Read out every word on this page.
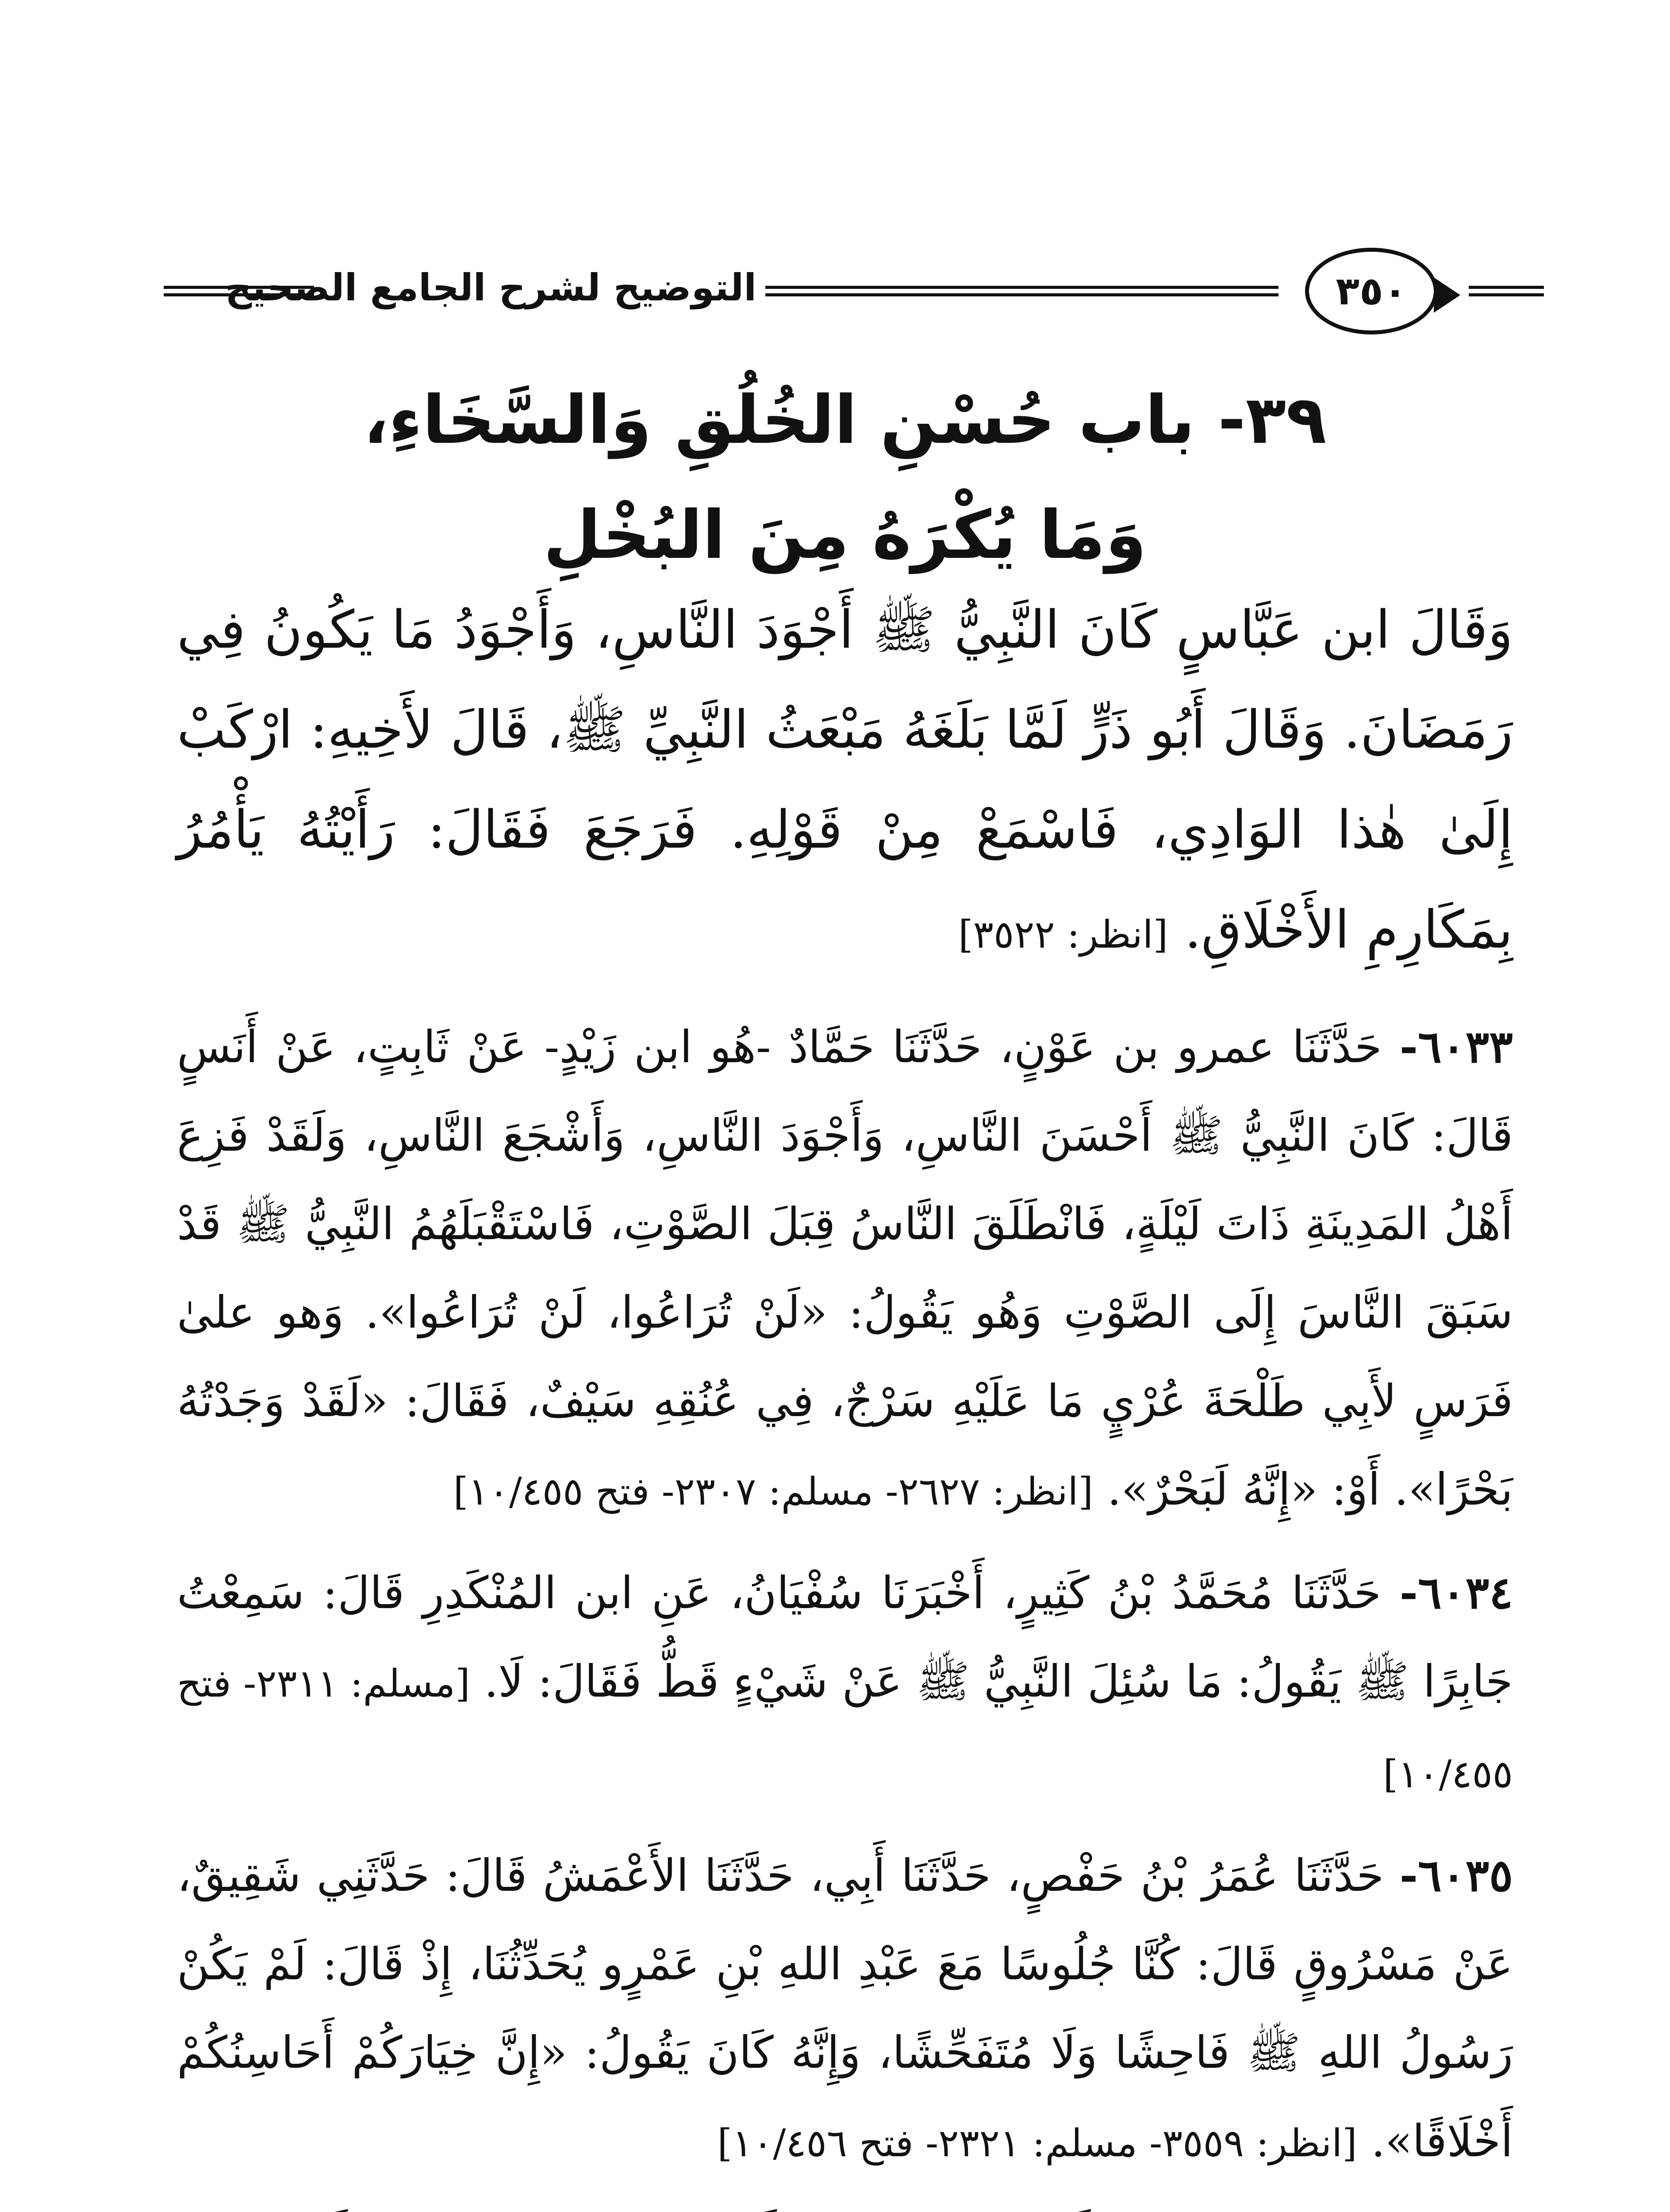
التوضيح لشرح الجامع الصحيح	٣٥٠
٣٩- باب حُسْنِ الخُلُقِ وَالسَّخَاءِ،
وَمَا يُكْرَهُ مِنَ البُخْلِ

وَقَالَ ابن عَبَّاسٍ كَانَ النَّبِيُّ ﷺ أَجْوَدَ النَّاسِ، وَأَجْوَدُ مَا يَكُونُ فِي رَمَضَانَ. وَقَالَ أَبُو ذَرٍّ لَمَّا بَلَغَهُ مَبْعَثُ النَّبِيِّ ﷺ، قَالَ لأَخِيهِ: ارْكَبْ إِلَىٰ هٰذا الوَادِي، فَاسْمَعْ مِنْ قَوْلِهِ. فَرَجَعَ فَقَالَ: رَأَيْتُهُ يَأْمُرُ بِمَكَارِمِ الأَخْلَاقِ. [انظر: ٣٥٢٢]

٦٠٣٣- حَدَّثَنَا عمرو بن عَوْنٍ، حَدَّثَنَا حَمَّادٌ -هُو ابن زَيْدٍ- عَنْ ثَابِتٍ، عَنْ أَنَسٍ قَالَ: كَانَ النَّبِيُّ ﷺ أَحْسَنَ النَّاسِ، وَأَجْوَدَ النَّاسِ، وَأَشْجَعَ النَّاسِ، وَلَقَدْ فَزِعَ أَهْلُ المَدِينَةِ ذَاتَ لَيْلَةٍ، فَانْطَلَقَ النَّاسُ قِبَلَ الصَّوْتِ، فَاسْتَقْبَلَهُمُ النَّبِيُّ ﷺ قَدْ سَبَقَ النَّاسَ إِلَى الصَّوْتِ وَهُو يَقُولُ: «لَنْ تُرَاعُوا، لَنْ تُرَاعُوا». وَهو علىٰ فَرَسٍ لأَبِي طَلْحَةَ عُرْيٍ مَا عَلَيْهِ سَرْجٌ، فِي عُنُقِهِ سَيْفٌ، فَقَالَ: «لَقَدْ وَجَدْتُهُ بَحْرًا». أَوْ: «إِنَّهُ لَبَحْرٌ». [انظر: ٢٦٢٧- مسلم: ٢٣٠٧- فتح ١٠/٤٥٥]

٦٠٣٤- حَدَّثَنَا مُحَمَّدُ بْنُ كَثِيرٍ، أَخْبَرَنَا سُفْيَانُ، عَنِ ابن المُنْكَدِرِ قَالَ: سَمِعْتُ جَابِرًا ﷺ يَقُولُ: مَا سُئِلَ النَّبِيُّ ﷺ عَنْ شَيْءٍ قَطُّ فَقَالَ: لَا. [مسلم: ٢٣١١- فتح ١٠/٤٥٥]

٦٠٣٥- حَدَّثَنَا عُمَرُ بْنُ حَفْصٍ، حَدَّثَنَا أَبِي، حَدَّثَنَا الأَعْمَشُ قَالَ: حَدَّثَنِي شَقِيقٌ، عَنْ مَسْرُوقٍ قَالَ: كُنَّا جُلُوسًا مَعَ عَبْدِ اللهِ بْنِ عَمْرٍو يُحَدِّثُنَا، إِذْ قَالَ: لَمْ يَكُنْ رَسُولُ اللهِ ﷺ فَاحِشًا وَلَا مُتَفَحِّشًا، وَإِنَّهُ كَانَ يَقُولُ: «إِنَّ خِيَارَكُمْ أَحَاسِنُكُمْ أَخْلَاقًا». [انظر: ٣٥٥٩- مسلم: ٢٣٢١- فتح ١٠/٤٥٦]
